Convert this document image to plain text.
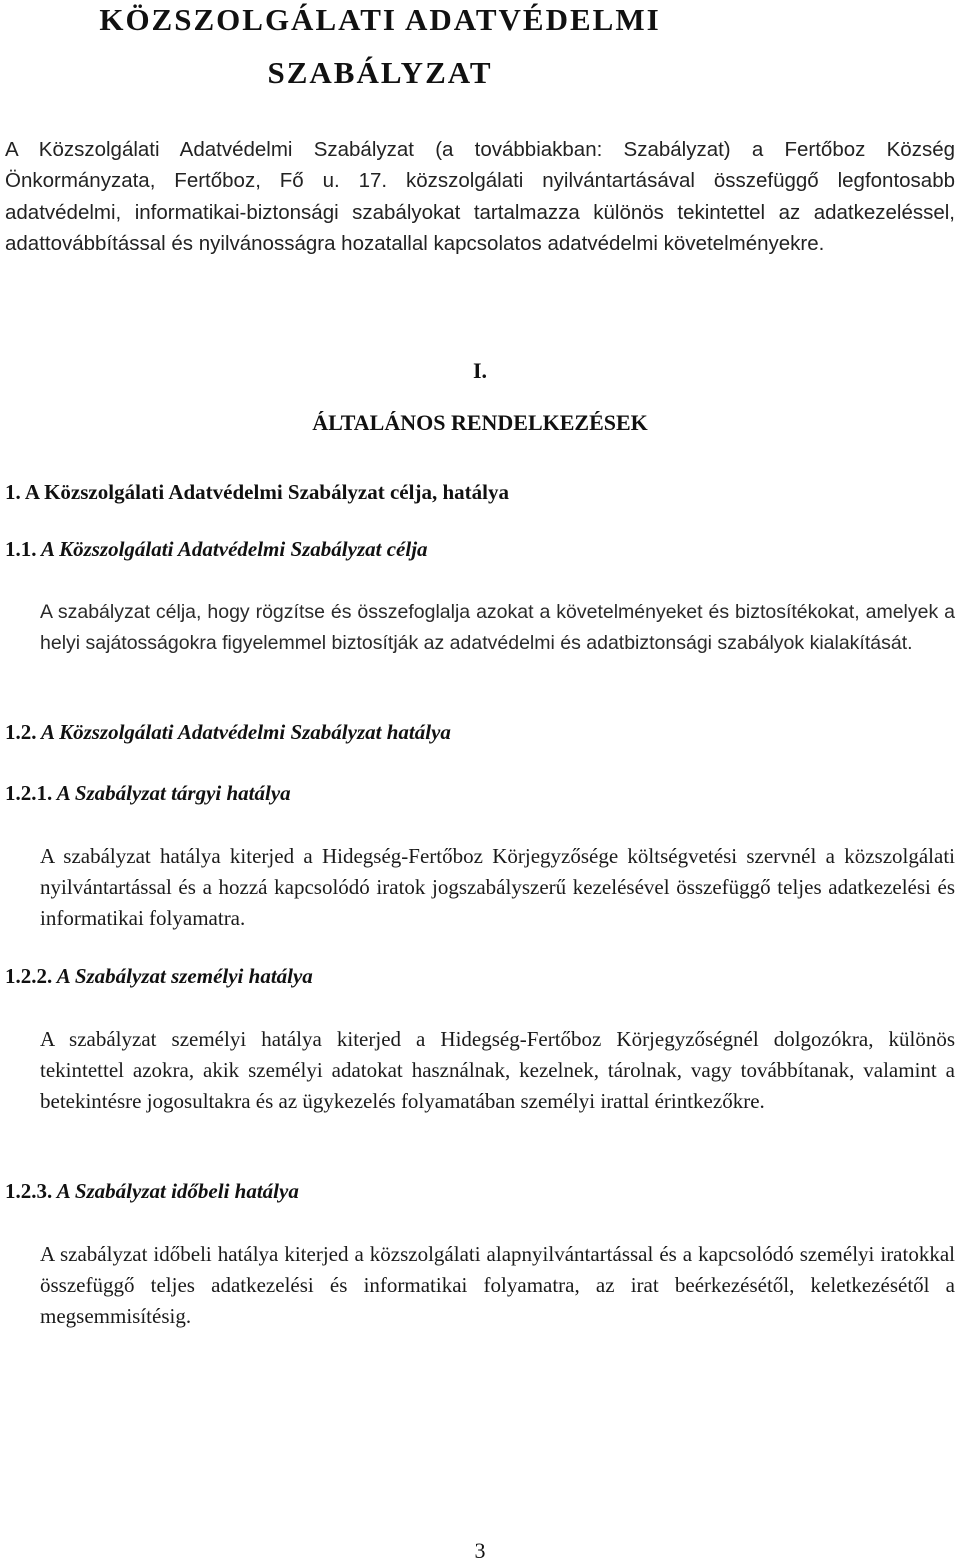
KÖZSZOLGÁLATI ADATVÉDELMI
SZABÁLYZAT

A Közszolgálati Adatvédelmi Szabályzat (a továbbiakban: Szabályzat) a Fertőboz Község Önkormányzata, Fertőboz, Fő u. 17. közszolgálati nyilvántartásával összefüggő legfontosabb adatvédelmi, informatikai-biztonsági szabályokat tartalmazza különös tekintettel az adatkezeléssel, adattovábbítással és nyilvánosságra hozatallal kapcsolatos adatvédelmi követelményekre.

I.
ÁLTALÁNOS RENDELKEZÉSEK
1. A Közszolgálati Adatvédelmi Szabályzat célja, hatálya
1.1. A Közszolgálati Adatvédelmi Szabályzat célja

A szabályzat célja, hogy rögzítse és összefoglalja azokat a követelményeket és biztosítékokat, amelyek a helyi sajátosságokra figyelemmel biztosítják az adatvédelmi és adatbiztonsági szabályok kialakítását.

1.2. A Közszolgálati Adatvédelmi Szabályzat hatálya
1.2.1. A Szabályzat tárgyi hatálya

A szabályzat hatálya kiterjed a Hidegség-Fertőboz Körjegyzősége költségvetési szervnél a közszolgálati nyilvántartással és a hozzá kapcsolódó iratok jogszabályszerű kezelésével összefüggő teljes adatkezelési és informatikai folyamatra.

1.2.2. A Szabályzat személyi hatálya

A szabályzat személyi hatálya kiterjed a Hidegség-Fertőboz Körjegyzőségnél dolgozókra, különös tekintettel azokra, akik személyi adatokat használnak, kezelnek, tárolnak, vagy továbbítanak, valamint a betekintésre jogosultakra és az ügykezelés folyamatában személyi irattal érintkezőkre.

1.2.3. A Szabályzat időbeli hatálya

A szabályzat időbeli hatálya kiterjed a közszolgálati alapnyilvántartással és a kapcsolódó személyi iratokkal összefüggő teljes adatkezelési és informatikai folyamatra, az irat beérkezésétől, keletkezésétől a megsemmisítésig.

3
